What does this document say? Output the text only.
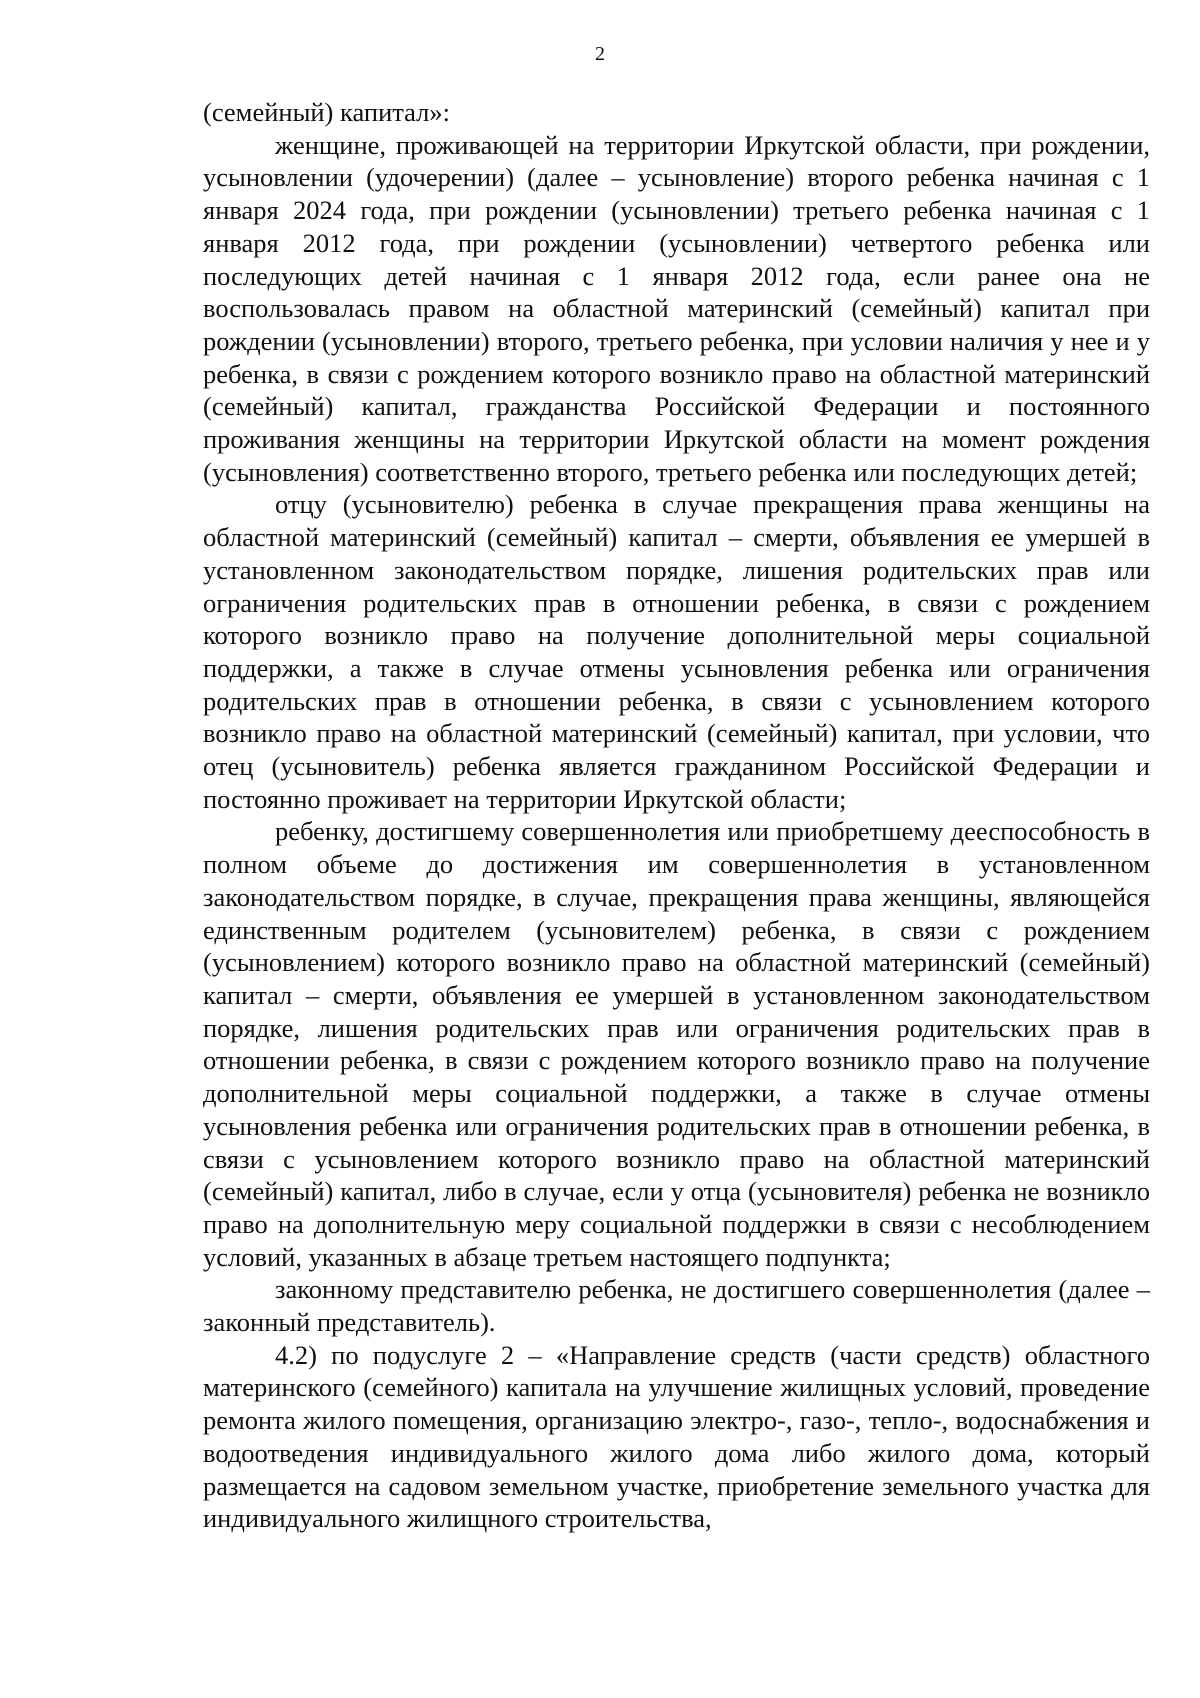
2

(семейный) капитал»:

женщине, проживающей на территории Иркутской области, при рождении, усыновлении (удочерении) (далее – усыновление) второго ребенка начиная с 1 января 2024 года, при рождении (усыновлении) третьего ребенка начиная с 1 января 2012 года, при рождении (усыновлении) четвертого ребенка или последующих детей начиная с 1 января 2012 года, если ранее она не воспользовалась правом на областной материнский (семейный) капитал при рождении (усыновлении) второго, третьего ребенка, при условии наличия у нее и у ребенка, в связи с рождением которого возникло право на областной материнский (семейный) капитал, гражданства Российской Федерации и постоянного проживания женщины на территории Иркутской области на момент рождения (усыновления) соответственно второго, третьего ребенка или последующих детей;

отцу (усыновителю) ребенка в случае прекращения права женщины на областной материнский (семейный) капитал – смерти, объявления ее умершей в установленном законодательством порядке, лишения родительских прав или ограничения родительских прав в отношении ребенка, в связи с рождением которого возникло право на получение дополнительной меры социальной поддержки, а также в случае отмены усыновления ребенка или ограничения родительских прав в отношении ребенка, в связи с усыновлением которого возникло право на областной материнский (семейный) капитал, при условии, что отец (усыновитель) ребенка является гражданином Российской Федерации и постоянно проживает на территории Иркутской области;

ребенку, достигшему совершеннолетия или приобретшему дееспособность в полном объеме до достижения им совершеннолетия в установленном законодательством порядке, в случае, прекращения права женщины, являющейся единственным родителем (усыновителем) ребенка, в связи с рождением (усыновлением) которого возникло право на областной материнский (семейный) капитал – смерти, объявления ее умершей в установленном законодательством порядке, лишения родительских прав или ограничения родительских прав в отношении ребенка, в связи с рождением которого возникло право на получение дополнительной меры социальной поддержки, а также в случае отмены усыновления ребенка или ограничения родительских прав в отношении ребенка, в связи с усыновлением которого возникло право на областной материнский (семейный) капитал, либо в случае, если у отца (усыновителя) ребенка не возникло право на дополнительную меру социальной поддержки в связи с несоблюдением условий, указанных в абзаце третьем настоящего подпункта;

законному представителю ребенка, не достигшего совершеннолетия (далее – законный представитель).

4.2) по подуслуге 2 – «Направление средств (части средств) областного материнского (семейного) капитала на улучшение жилищных условий, проведение ремонта жилого помещения, организацию электро-, газо-, тепло-, водоснабжения и водоотведения индивидуального жилого дома либо жилого дома, который размещается на садовом земельном участке, приобретение земельного участка для индивидуального жилищного строительства,
